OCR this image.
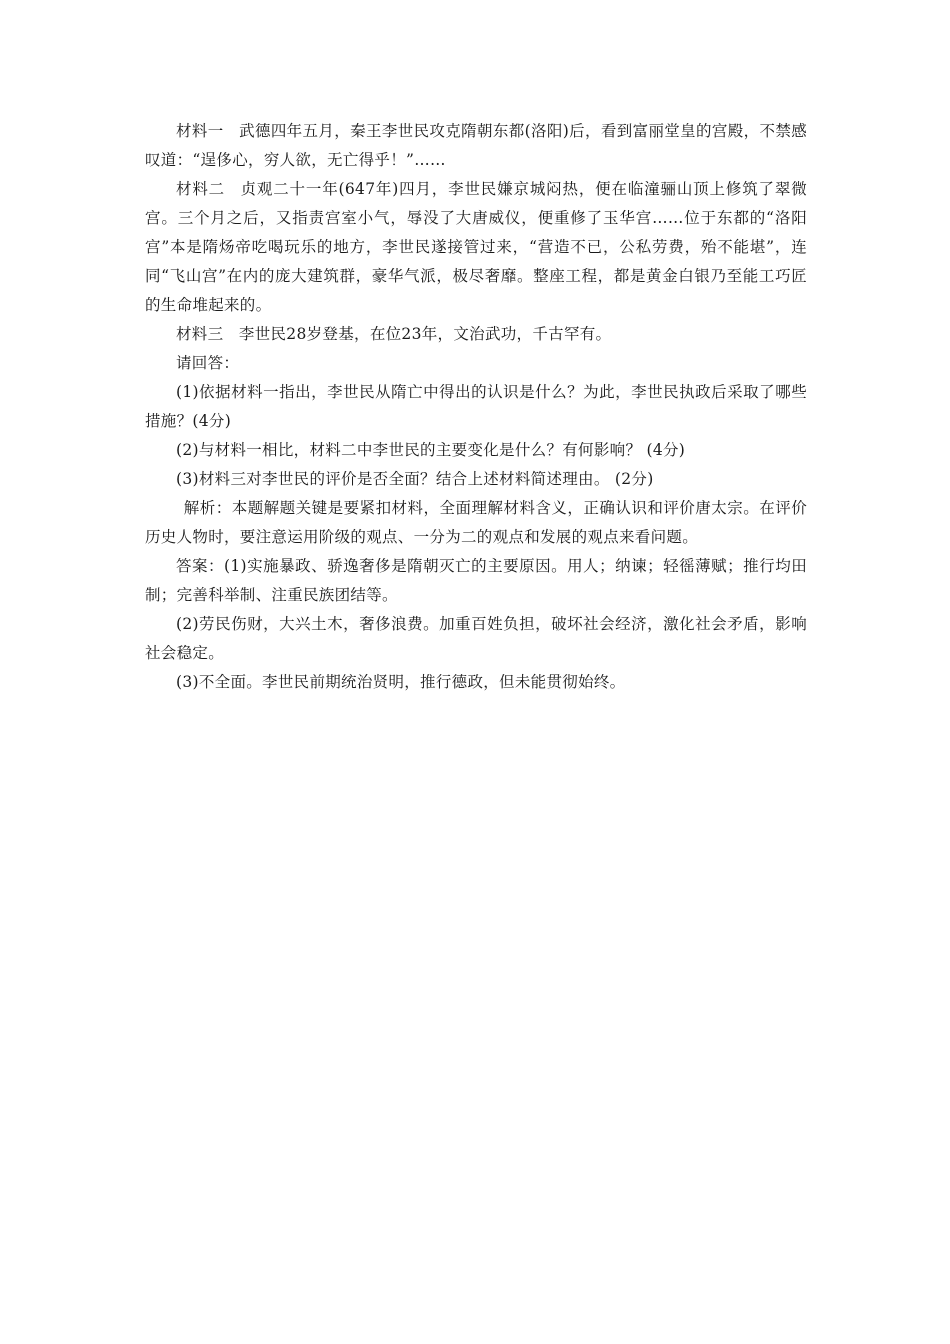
材料一 武德四年五月，秦王李世民攻克隋朝东都(洛阳)后，看到富丽堂皇的宫殿，不禁感叹道：“逞侈心，穷人欲，无亡得乎！”……

材料二 贞观二十一年(647年)四月，李世民嫌京城闷热，便在临潼骊山顶上修筑了翠微宫。三个月之后，又指责宫室小气，辱没了大唐威仪，便重修了玉华宫……位于东都的“洛阳宫”本是隋炀帝吃喝玩乐的地方，李世民遂接管过来，“营造不已，公私劳费，殆不能堪”，连同“飞山宫”在内的庞大建筑群，豪华气派，极尽奢靡。整座工程，都是黄金白银乃至能工巧匠的生命堆起来的。

材料三 李世民28岁登基，在位23年，文治武功，千古罕有。

请回答：

(1)依据材料一指出，李世民从隋亡中得出的认识是什么？为此，李世民执政后采取了哪些措施？(4分)

(2)与材料一相比，材料二中李世民的主要变化是什么？有何影响？ (4分)

(3)材料三对李世民的评价是否全面？结合上述材料简述理由。 (2分)

解析：本题解题关键是要紧扣材料，全面理解材料含义，正确认识和评价唐太宗。在评价历史人物时，要注意运用阶级的观点、一分为二的观点和发展的观点来看问题。

答案：(1)实施暴政、骄逸奢侈是隋朝灭亡的主要原因。用人；纳谏；轻徭薄赋；推行均田制；完善科举制、注重民族团结等。

(2)劳民伤财，大兴土木，奢侈浪费。加重百姓负担，破坏社会经济，激化社会矛盾，影响社会稳定。

(3)不全面。李世民前期统治贤明，推行德政，但未能贯彻始终。
